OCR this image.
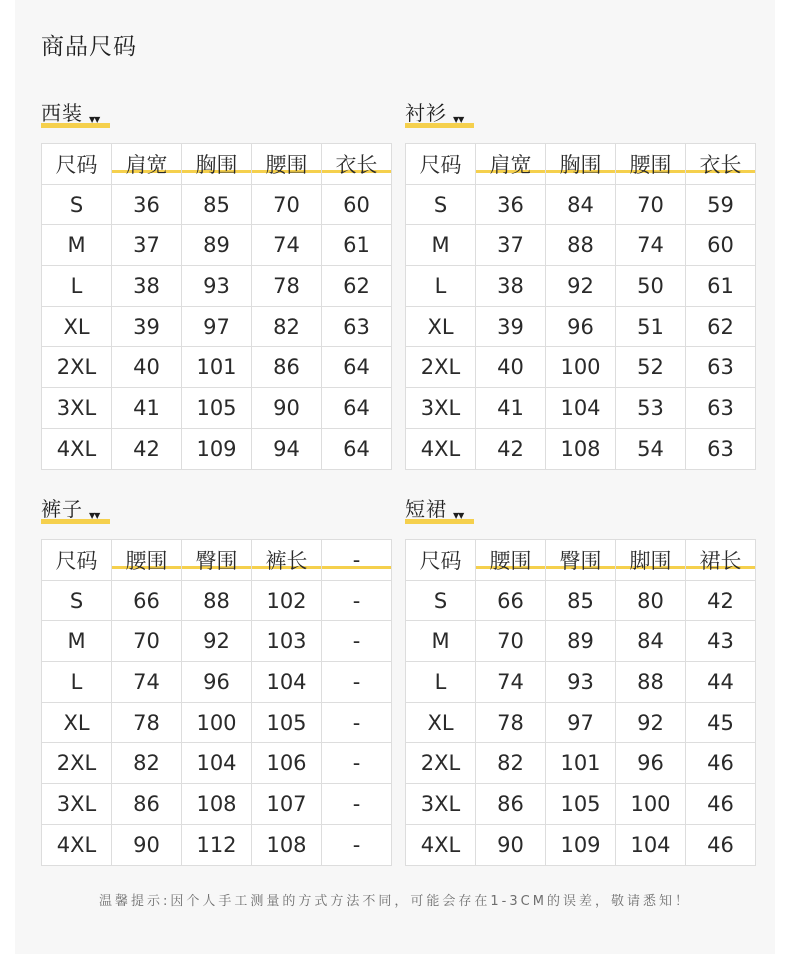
商品尺码
西装 ▼▼
尺码	肩宽	胸围	腰围	衣长
S	36	85	70	60
M	37	89	74	61
L	38	93	78	62
XL	39	97	82	63
2XL	40	101	86	64
3XL	41	105	90	64
4XL	42	109	94	64
衬衫 ▼▼
尺码	肩宽	胸围	腰围	衣长
S	36	84	70	59
M	37	88	74	60
L	38	92	50	61
XL	39	96	51	62
2XL	40	100	52	63
3XL	41	104	53	63
4XL	42	108	54	63
裤子 ▼▼
尺码	腰围	臀围	裤长	-
S	66	88	102	-
M	70	92	103	-
L	74	96	104	-
XL	78	100	105	-
2XL	82	104	106	-
3XL	86	108	107	-
4XL	90	112	108	-
短裙 ▼▼
尺码	腰围	臀围	脚围	裙长
S	66	85	80	42
M	70	89	84	43
L	74	93	88	44
XL	78	97	92	45
2XL	82	101	96	46
3XL	86	105	100	46
4XL	90	109	104	46
温馨提示:因个人手工测量的方式方法不同，可能会存在1-3CM的误差，敬请悉知！
